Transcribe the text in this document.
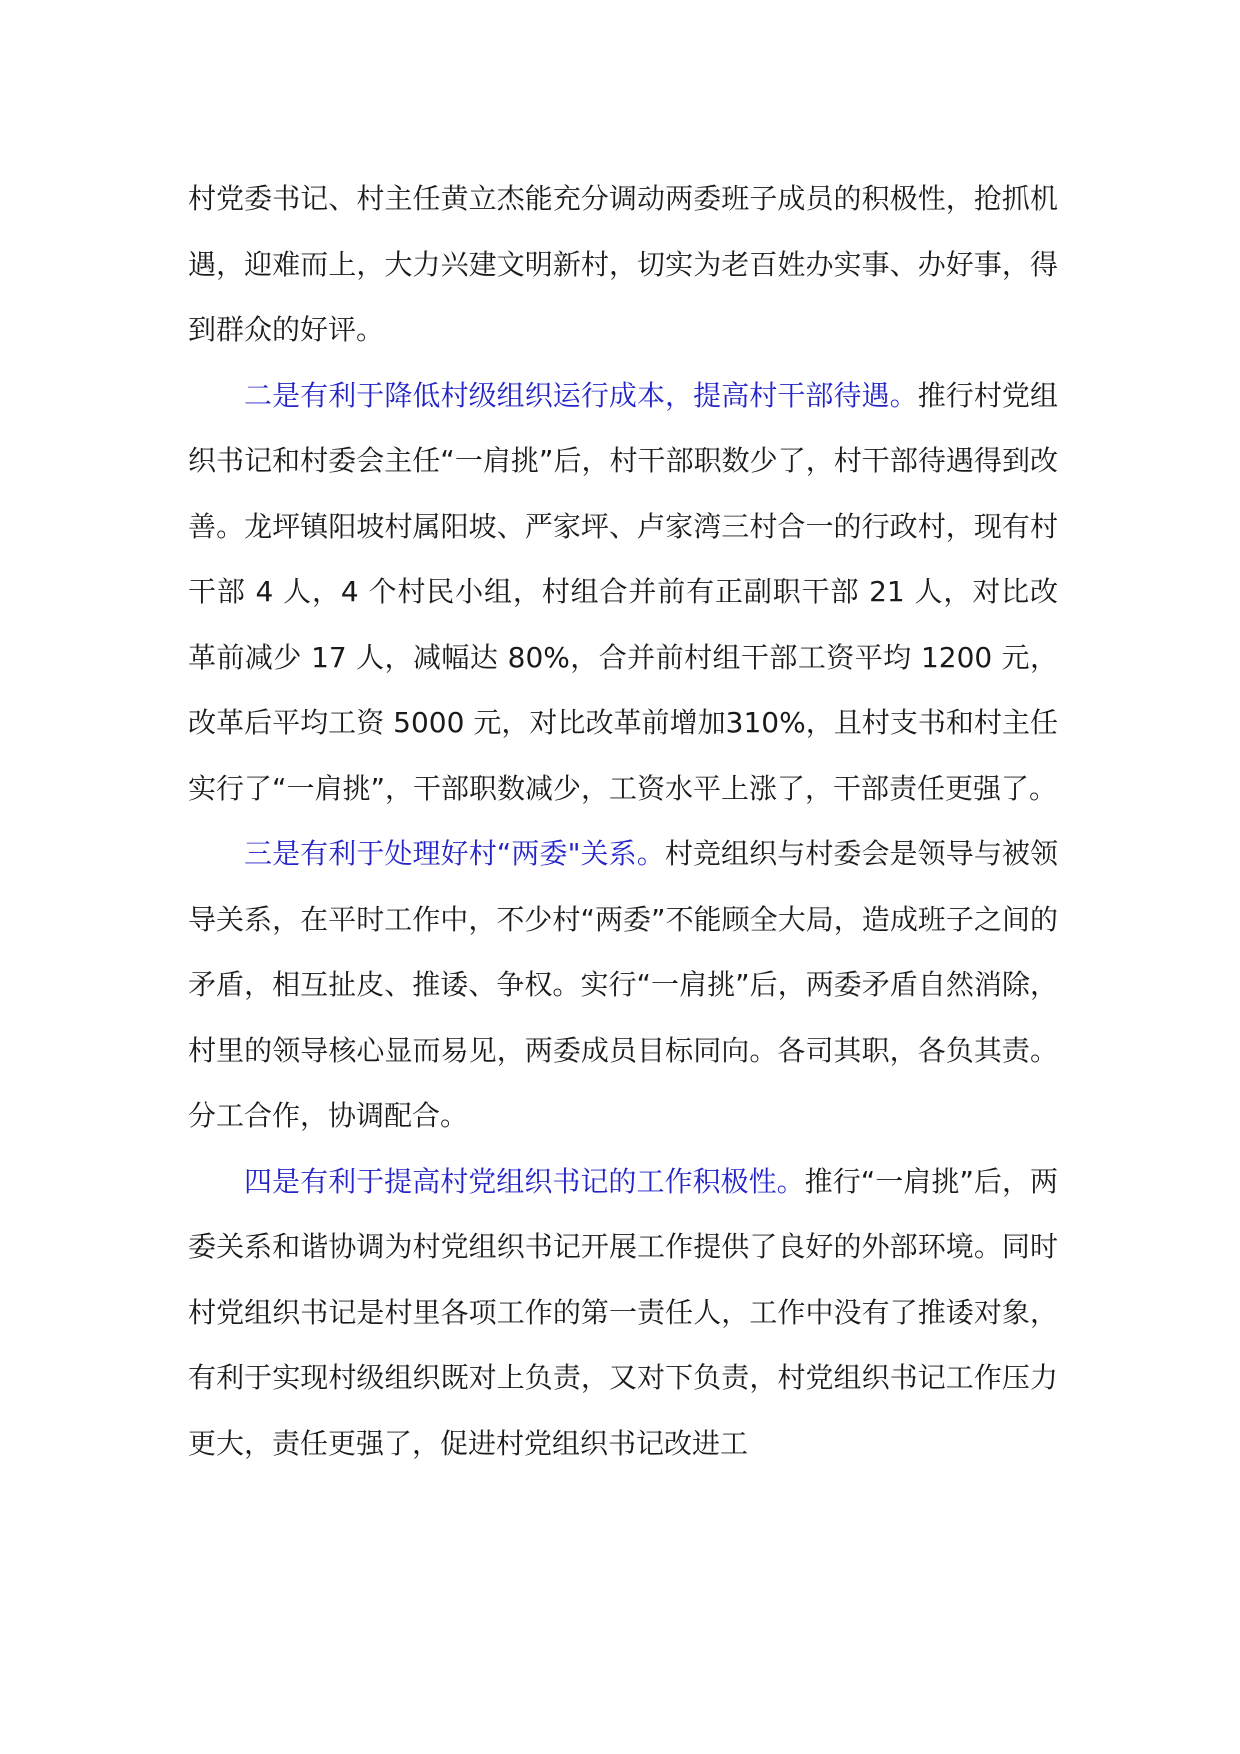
村党委书记、村主任黄立杰能充分调动两委班子成员的积极性，抢抓机遇，迎难而上，大力兴建文明新村，切实为老百姓办实事、办好事，得到群众的好评。

二是有利于降低村级组织运行成本，提高村干部待遇。推行村党组织书记和村委会主任“一肩挑”后，村干部职数少了，村干部待遇得到改善。龙坪镇阳坡村属阳坡、严家坪、卢家湾三村合一的行政村，现有村干部 4 人，4 个村民小组，村组合并前有正副职干部 21 人，对比改革前减少 17 人，减幅达 80%，合并前村组干部工资平均 1200 元，改革后平均工资 5000 元，对比改革前增加310%，且村支书和村主任实行了“一肩挑”，干部职数减少，工资水平上涨了，干部责任更强了。

三是有利于处理好村“两委"关系。村竞组织与村委会是领导与被领导关系，在平时工作中，不少村“两委”不能顾全大局，造成班子之间的矛盾，相互扯皮、推诿、争权。实行“一肩挑”后，两委矛盾自然消除，村里的领导核心显而易见，两委成员目标同向。各司其职，各负其责。分工合作，协调配合。

四是有利于提高村党组织书记的工作积极性。推行“一肩挑”后，两委关系和谐协调为村党组织书记开展工作提供了良好的外部环境。同时村党组织书记是村里各项工作的第一责任人，工作中没有了推诿对象，有利于实现村级组织既对上负责，又对下负责，村党组织书记工作压力更大，责任更强了，促进村党组织书记改进工
